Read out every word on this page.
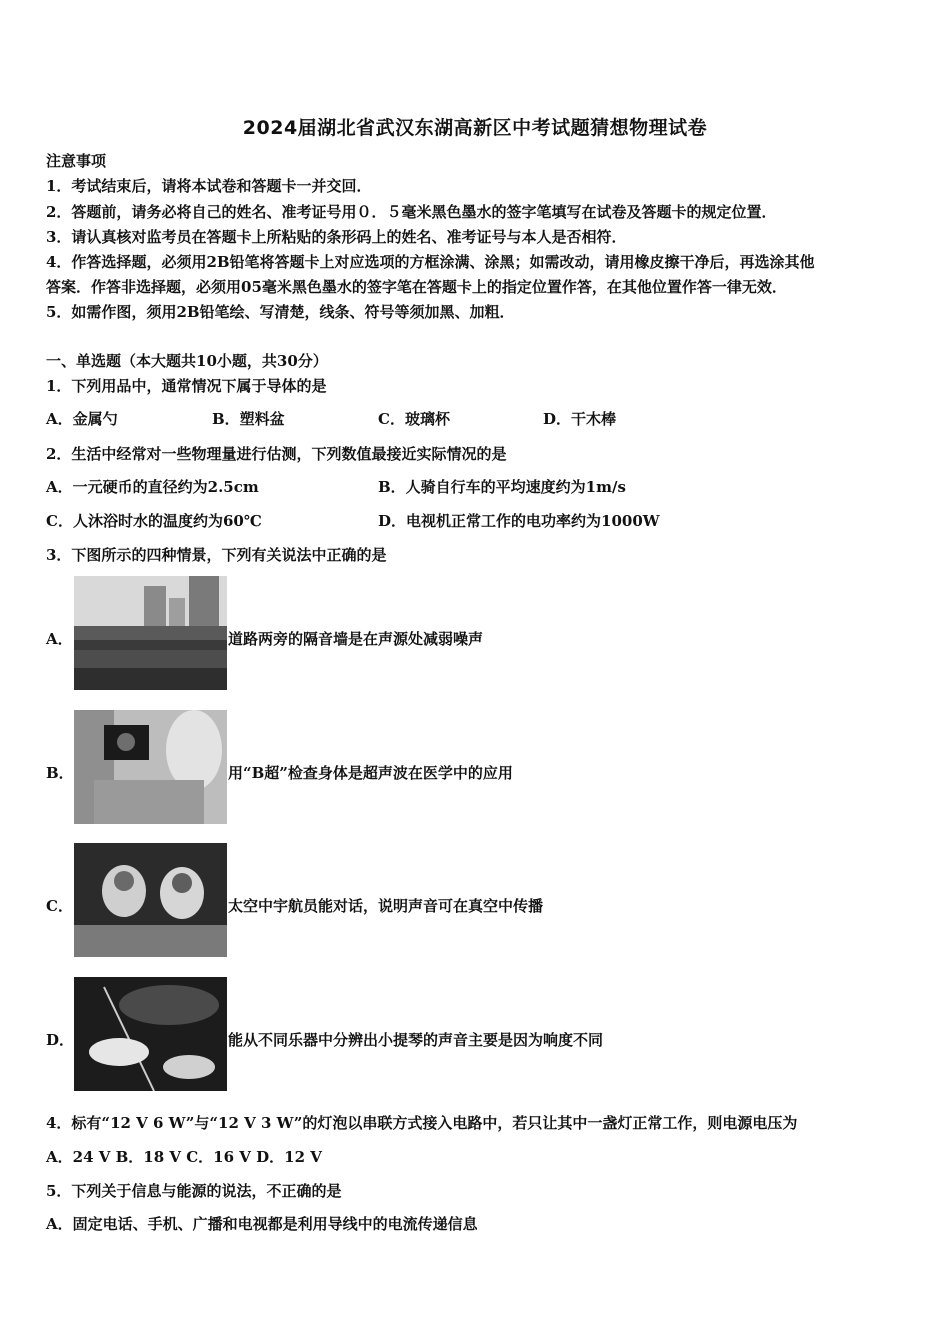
2024届湖北省武汉东湖高新区中考试题猜想物理试卷
注意事项
1．考试结束后，请将本试卷和答题卡一并交回．
2．答题前，请务必将自己的姓名、准考证号用０．５毫米黑色墨水的签字笔填写在试卷及答题卡的规定位置．
3．请认真核对监考员在答题卡上所粘贴的条形码上的姓名、准考证号与本人是否相符．
4．作答选择题，必须用2B铅笔将答题卡上对应选项的方框涂满、涂黑；如需改动，请用橡皮擦干净后，再选涂其他
答案．作答非选择题，必须用05毫米黑色墨水的签字笔在答题卡上的指定位置作答，在其他位置作答一律无效．
5．如需作图，须用2B铅笔绘、写清楚，线条、符号等须加黑、加粗．
一、单选题（本大题共10小题，共30分）
1．下列用品中，通常情况下属于导体的是
A．金属勺	B．塑料盆	C．玻璃杯	D．干木棒
2．生活中经常对一些物理量进行估测，下列数值最接近实际情况的是
A．一元硬币的直径约为2.5cm	B．人骑自行车的平均速度约为1m/s
C．人沐浴时水的温度约为60℃	D．电视机正常工作的电功率约为1000W
3．下图所示的四种情景，下列有关说法中正确的是
A．	道路两旁的隔音墙是在声源处减弱噪声
B．	用“B超”检查身体是超声波在医学中的应用
C．	太空中宇航员能对话，说明声音可在真空中传播
D．	能从不同乐器中分辨出小提琴的声音主要是因为响度不同
4．标有“12 V 6 W”与“12 V 3 W”的灯泡以串联方式接入电路中，若只让其中一盏灯正常工作，则电源电压为
A．24 V B．18 V C．16 V D．12 V
5．下列关于信息与能源的说法，不正确的是
A．固定电话、手机、广播和电视都是利用导线中的电流传递信息
